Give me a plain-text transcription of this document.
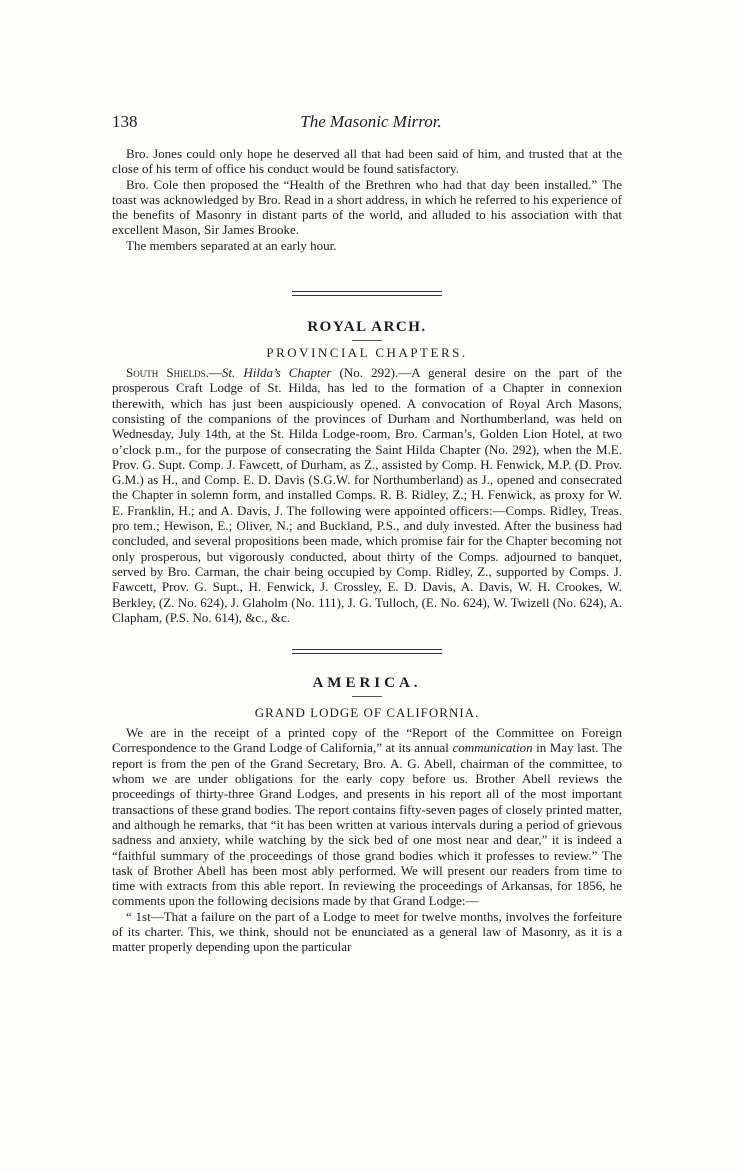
138	The Masonic Mirror.

Bro. Jones could only hope he deserved all that had been said of him, and trusted that at the close of his term of office his conduct would be found satisfactory.

Bro. Cole then proposed the “Health of the Brethren who had that day been installed.” The toast was acknowledged by Bro. Read in a short address, in which he referred to his experience of the benefits of Masonry in distant parts of the world, and alluded to his association with that excellent Mason, Sir James Brooke.

The members separated at an early hour.

ROYAL ARCH.
PROVINCIAL CHAPTERS.

South Shields.—St. Hilda’s Chapter (No. 292).—A general desire on the part of the prosperous Craft Lodge of St. Hilda, has led to the formation of a Chapter in connexion therewith, which has just been auspiciously opened. A convocation of Royal Arch Masons, consisting of the companions of the provinces of Durham and Northumberland, was held on Wednesday, July 14th, at the St. Hilda Lodge-room, Bro. Carman’s, Golden Lion Hotel, at two o’clock p.m., for the purpose of consecrating the Saint Hilda Chapter (No. 292), when the M.E. Prov. G. Supt. Comp. J. Fawcett, of Durham, as Z., assisted by Comp. H. Fenwick, M.P. (D. Prov. G.M.) as H., and Comp. E. D. Davis (S.G.W. for Northumberland) as J., opened and consecrated the Chapter in solemn form, and installed Comps. R. B. Ridley, Z.; H. Fenwick, as proxy for W. E. Franklin, H.; and A. Davis, J. The following were appointed officers:—Comps. Ridley, Treas. pro tem.; Hewison, E.; Oliver, N.; and Buckland, P.S., and duly invested. After the business had concluded, and several propositions been made, which promise fair for the Chapter becoming not only prosperous, but vigorously conducted, about thirty of the Comps. adjourned to banquet, served by Bro. Carman, the chair being occupied by Comp. Ridley, Z., supported by Comps. J. Fawcett, Prov. G. Supt., H. Fenwick, J. Crossley, E. D. Davis, A. Davis, W. H. Crookes, W. Berkley, (Z. No. 624), J. Glaholm (No. 111), J. G. Tulloch, (E. No. 624), W. Twizell (No. 624), A. Clapham, (P.S. No. 614), &c., &c.

AMERICA.
GRAND LODGE OF CALIFORNIA.

We are in the receipt of a printed copy of the “Report of the Committee on Foreign Correspondence to the Grand Lodge of California,” at its annual communication in May last. The report is from the pen of the Grand Secretary, Bro. A. G. Abell, chairman of the committee, to whom we are under obligations for the early copy before us. Brother Abell reviews the proceedings of thirty-three Grand Lodges, and presents in his report all of the most important transactions of these grand bodies. The report contains fifty-seven pages of closely printed matter, and although he remarks, that “it has been written at various intervals during a period of grievous sadness and anxiety, while watching by the sick bed of one most near and dear,” it is indeed a “faithful summary of the proceedings of those grand bodies which it professes to review.” The task of Brother Abell has been most ably performed. We will present our readers from time to time with extracts from this able report. In reviewing the proceedings of Arkansas, for 1856, he comments upon the following decisions made by that Grand Lodge:—

“ 1st—That a failure on the part of a Lodge to meet for twelve months, involves the forfeiture of its charter. This, we think, should not be enunciated as a general law of Masonry, as it is a matter properly depending upon the particular
